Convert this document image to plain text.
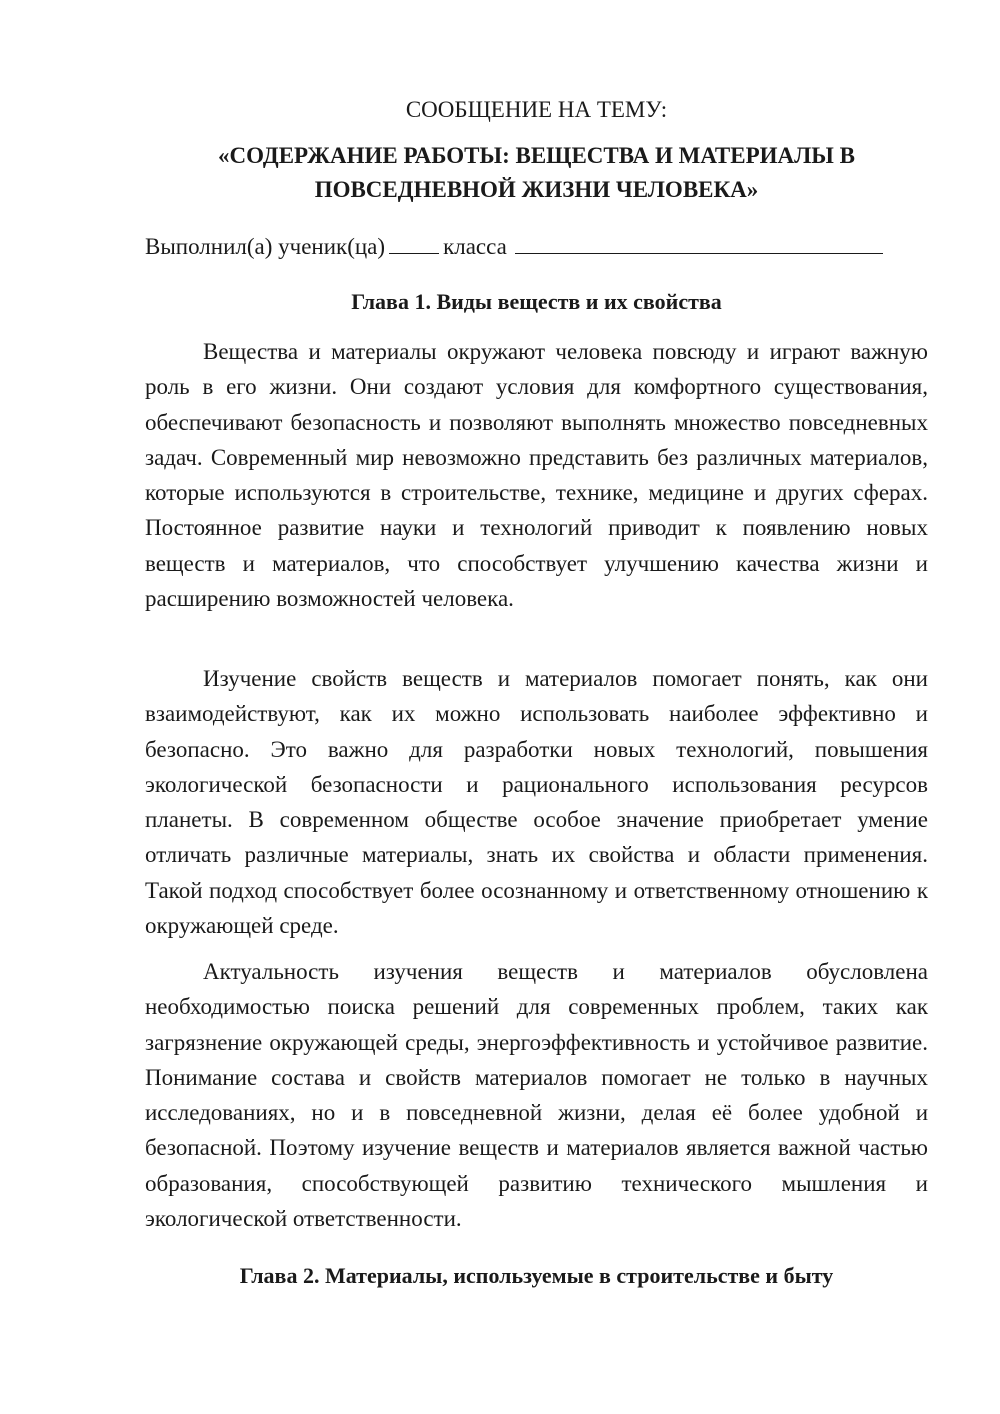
СООБЩЕНИЕ НА ТЕМУ:
«СОДЕРЖАНИЕ РАБОТЫ: ВЕЩЕСТВА И МАТЕРИАЛЫ В
ПОВСЕДНЕВНОЙ ЖИЗНИ ЧЕЛОВЕКА»
Выполнил(а) ученик(ца)	класса
Глава 1. Виды веществ и их свойства

Вещества и материалы окружают человека повсюду и играют важную роль в его жизни. Они создают условия для комфортного существования, обеспечивают безопасность и позволяют выполнять множество повседневных задач. Современный мир невозможно представить без различных материалов, которые используются в строительстве, технике, медицине и других сферах. Постоянное развитие науки и технологий приводит к появлению новых веществ и материалов, что способствует улучшению качества жизни и расширению возможностей человека.

Изучение свойств веществ и материалов помогает понять, как они взаимодействуют, как их можно использовать наиболее эффективно и безопасно. Это важно для разработки новых технологий, повышения экологической безопасности и рационального использования ресурсов планеты. В современном обществе особое значение приобретает умение отличать различные материалы, знать их свойства и области применения. Такой подход способствует более осознанному и ответственному отношению к окружающей среде.

Актуальность изучения веществ и материалов обусловлена необходимостью поиска решений для современных проблем, таких как загрязнение окружающей среды, энергоэффективность и устойчивое развитие. Понимание состава и свойств материалов помогает не только в научных исследованиях, но и в повседневной жизни, делая её более удобной и безопасной. Поэтому изучение веществ и материалов является важной частью образования, способствующей развитию технического мышления и экологической ответственности.

Глава 2. Материалы, используемые в строительстве и быту
